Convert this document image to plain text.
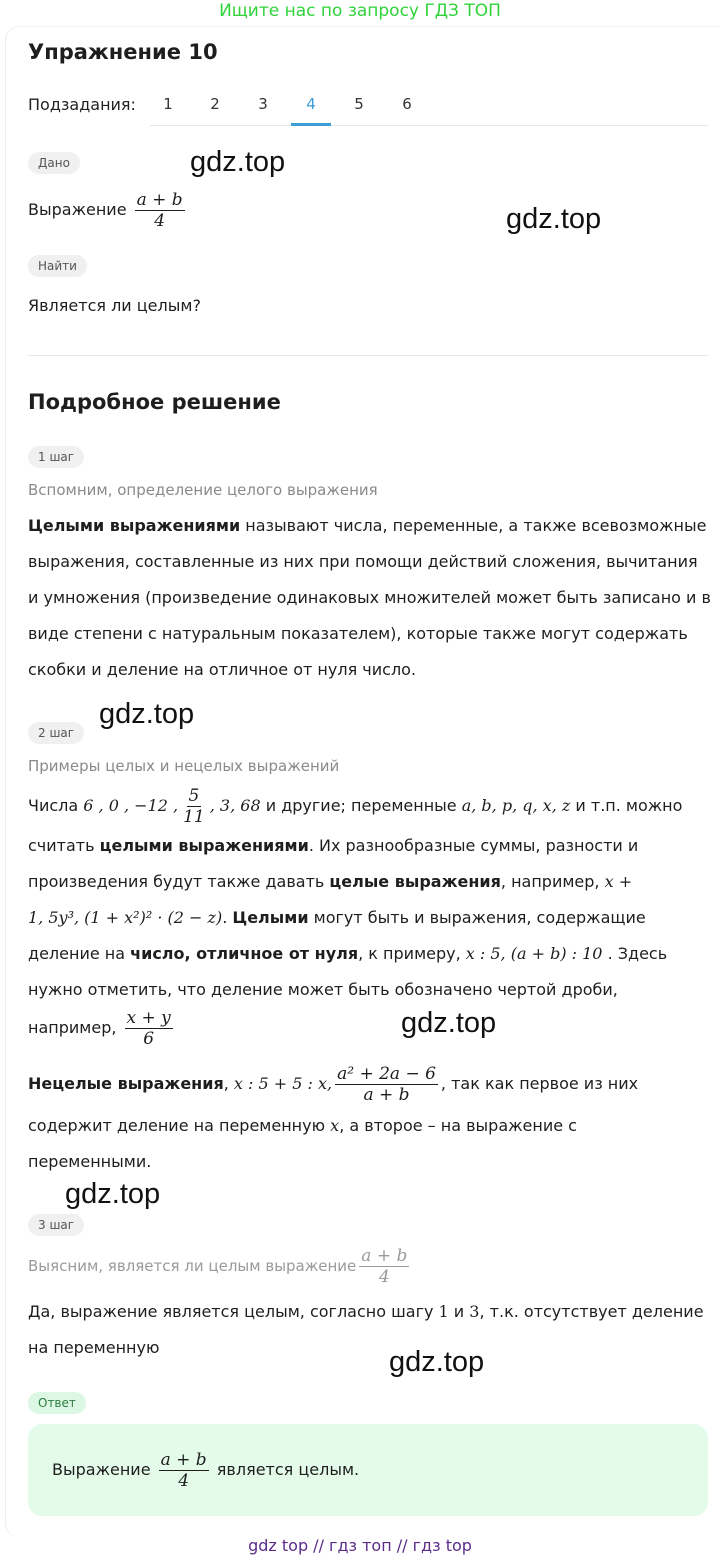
Ищите нас по запросу ГДЗ ТОП
Упражнение 10
Подзадания:	1	2	3	4	5	6
Дано
Выражение $\frac{a + b}{4}$
Найти
Является ли целым?
Подробное решение
1 шаг
Вспомним, определение целого выражения
Целыми выражениями называют числа, переменные, а также всевозможные выражения, составленные из них при помощи действий сложения, вычитания и умножения (произведение одинаковых множителей может быть записано и в виде степени с натуральным показателем), которые также могут содержать скобки и деление на отличное от нуля число.
2 шаг
Примеры целых и нецелых выражений
Числа 6 , 0 , −12 , $\frac{5}{11}$ , 3, 68 и другие; переменные a, b, p, q, x, z и т.п. можно
считать целыми выражениями. Их разнообразные суммы, разности и
произведения будут также давать целые выражения, например, x +
1, 5y³, (1 + x²)² · (2 − z). Целыми могут быть и выражения, содержащие
деление на число, отличное от нуля, к примеру, x : 5, (a + b) : 10 . Здесь
нужно отметить, что деление может быть обозначено чертой дроби,
например, $\frac{x + y}{6}$
Нецелые выражения, x : 5 + 5 : x, $\frac{\text{a² + 2a − 6}}{a + b}$ , так как первое из них
содержит деление на переменную x, а второе – на выражение с
переменными.
3 шаг
Выясним, является ли целым выражение $\frac{a + b}{4}$
Да, выражение является целым, согласно шагу 1 и 3, т.к. отсутствует деление
на переменную
Ответ
Выражение $\frac{a + b}{4}$ является целым.
gdz.top
gdz.top
gdz.top
gdz.top
gdz.top
gdz.top
gdz top // гдз топ // гдз top
